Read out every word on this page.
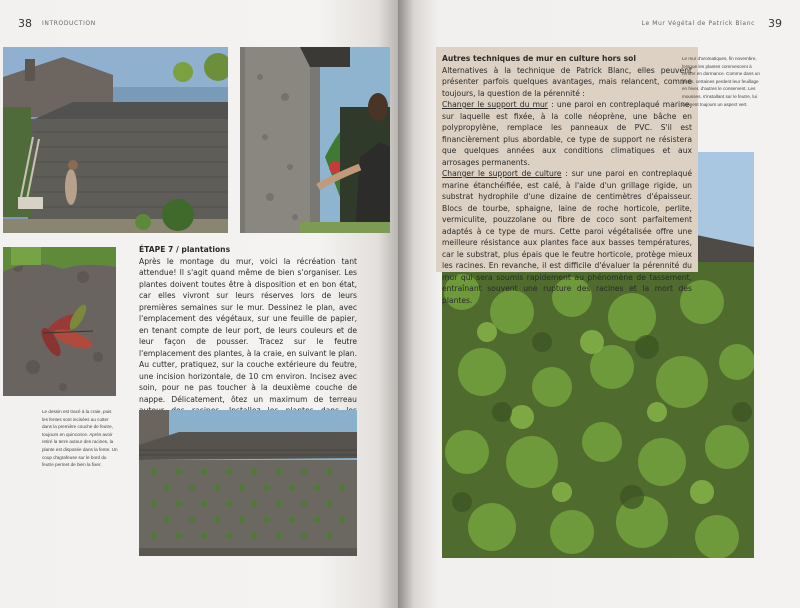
38 INTRODUCTION
Le dessin est tracé à la craie, puis les fentes sont incisées au cutter dans la première couche de feutre, toujours en quinconce. Après avoir retiré la terre autour des racines, la plante est disposée dans la fente. Un coup d'agrafeuse sur le bord du feutre permet de bien la fixer.
ÉTAPE 7 / plantations
Après le montage du mur, voici la récréation tant attendue! Il s'agit quand même de bien s'organiser. Les plantes doivent toutes être à disposition et en bon état, car elles vivront sur leurs réserves lors de leurs premières semaines sur le mur. Dessinez le plan, avec l'emplacement des végétaux, sur une feuille de papier, en tenant compte de leur port, de leurs couleurs et de leur façon de pousser. Tracez sur le feutre l'emplacement des plantes, à la craie, en suivant le plan. Au cutter, pratiquez, sur la couche extérieure du feutre, une incision horizontale, de 10 cm environ. Incisez avec soin, pour ne pas toucher à la deuxième couche de nappe. Délicatement, ôtez un maximum de terreau
Le Mur Végétal de Patrick Blanc 39
Autres techniques de mur en culture hors sol
Alternatives à la technique de Patrick Blanc, elles peuvent présenter parfois quelques avantages, mais relancent, comme toujours, la question de la pérennité :
Changer le support du mur : une paroi en contreplaqué marine, sur laquelle est fixée, à la colle néoprène, une bâche en polypropylène, remplace les panneaux de PVC. S'il est financièrement plus abordable, ce type de support ne résistera que quelques années aux conditions climatiques et aux arrosages permanents.
Changer le support de culture : sur une paroi en contreplaqué marine étanchéifiée, est calé, à l'aide d'un grillage rigide, un substrat hydrophile d'une dizaine de centimètres d'épaisseur. Blocs de tourbe, sphaigne, laine de roche horticole, perlite, vermiculite, pouzzolane ou fibre de coco sont parfaitement adaptés à ce type de murs. Cette paroi végétalisée offre une meilleure résistance aux plantes face aux basses températures, car le substrat, plus épais que le feutre horticole, protège mieux les racines. En revanche, il est difficile d'évaluer la pérennité du mur qui sera soumis rapidement au phénomène de tassement, entraînant souvent une rupture des racines et la mort des plantes.
Le mur d'aromatiques, fin novembre, lorsque les plantes commencent à rentrer en dormance. Comme dans un jardin, certaines perdent leur feuillage en hiver, d'autres le conservent. Les mousses, s'installant sur le feutre, lui donnent toujours un aspect vert.
